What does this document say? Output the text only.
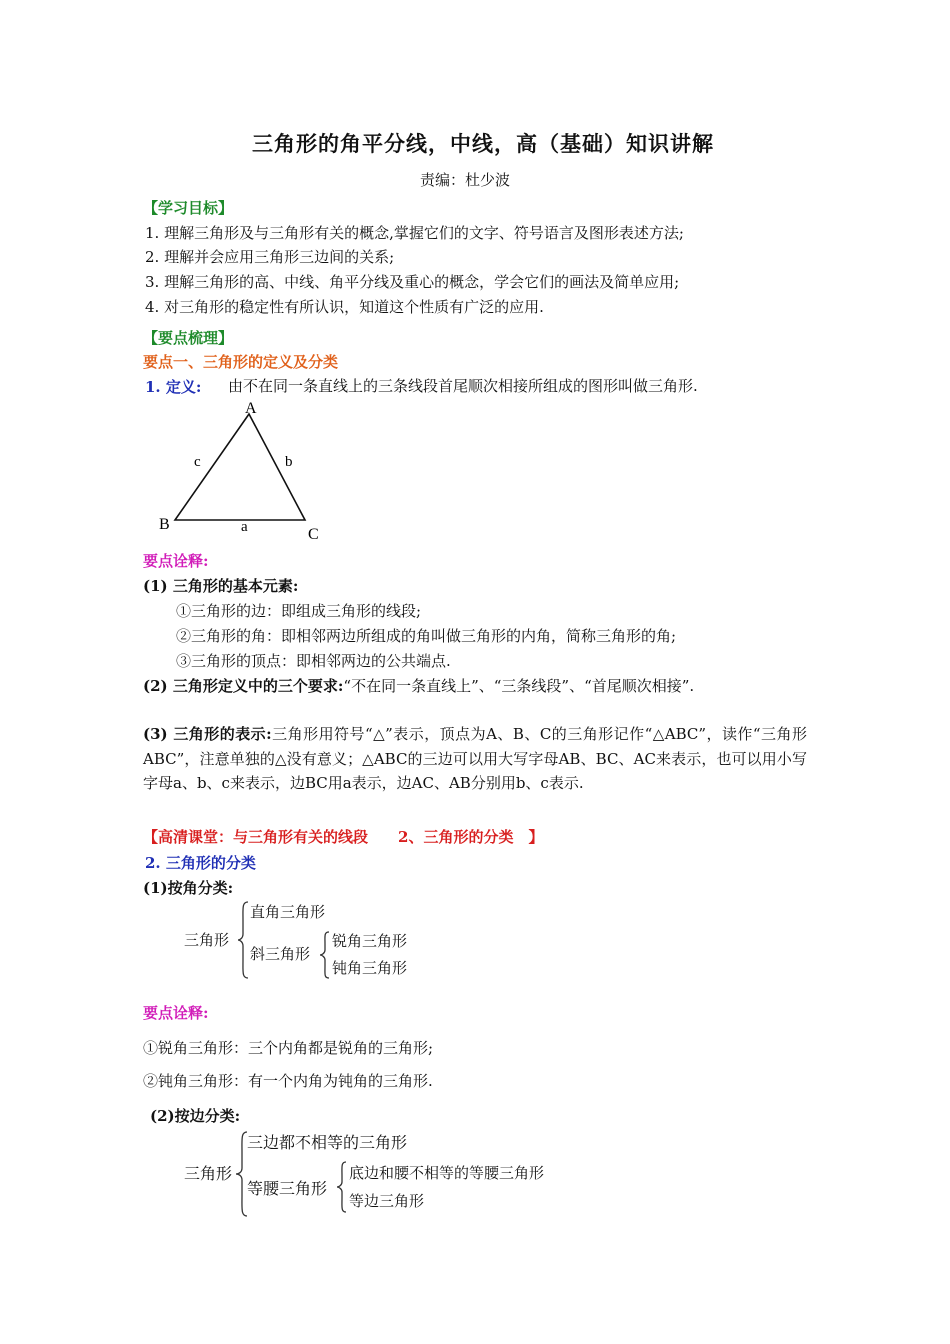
三角形的角平分线，中线，高（基础）知识讲解
责编：杜少波
【学习目标】
1. 理解三角形及与三角形有关的概念,掌握它们的文字、符号语言及图形表述方法;
2. 理解并会应用三角形三边间的关系;
3. 理解三角形的高、中线、角平分线及重心的概念，学会它们的画法及简单应用;
4. 对三角形的稳定性有所认识，知道这个性质有广泛的应用.
【要点梳理】
要点一、三角形的定义及分类
1. 定义: 由不在同一条直线上的三条线段首尾顺次相接所组成的图形叫做三角形.
A
B
C
a
b
c
要点诠释:
(1) 三角形的基本元素:
①三角形的边：即组成三角形的线段;
②三角形的角：即相邻两边所组成的角叫做三角形的内角，简称三角形的角;
③三角形的顶点：即相邻两边的公共端点.
(2) 三角形定义中的三个要求:“不在同一条直线上”、“三条线段”、“首尾顺次相接”.
(3) 三角形的表示:三角形用符号“△”表示，顶点为A、B、C的三角形记作“△ABC”，读作“三角形ABC”，注意单独的△没有意义；△ABC的三边可以用大写字母AB、BC、AC来表示，也可以用小写字母a、b、c来表示，边BC用a表示，边AC、AB分别用b、c表示.
【高清课堂：与三角形有关的线段　　2、三角形的分类　】
2. 三角形的分类
(1)按角分类:
三角形
直角三角形
斜三角形
锐角三角形
钝角三角形
要点诠释:
①锐角三角形：三个内角都是锐角的三角形;
②钝角三角形：有一个内角为钝角的三角形.
(2)按边分类:
三角形
三边都不相等的三角形
等腰三角形
底边和腰不相等的等腰三角形
等边三角形
